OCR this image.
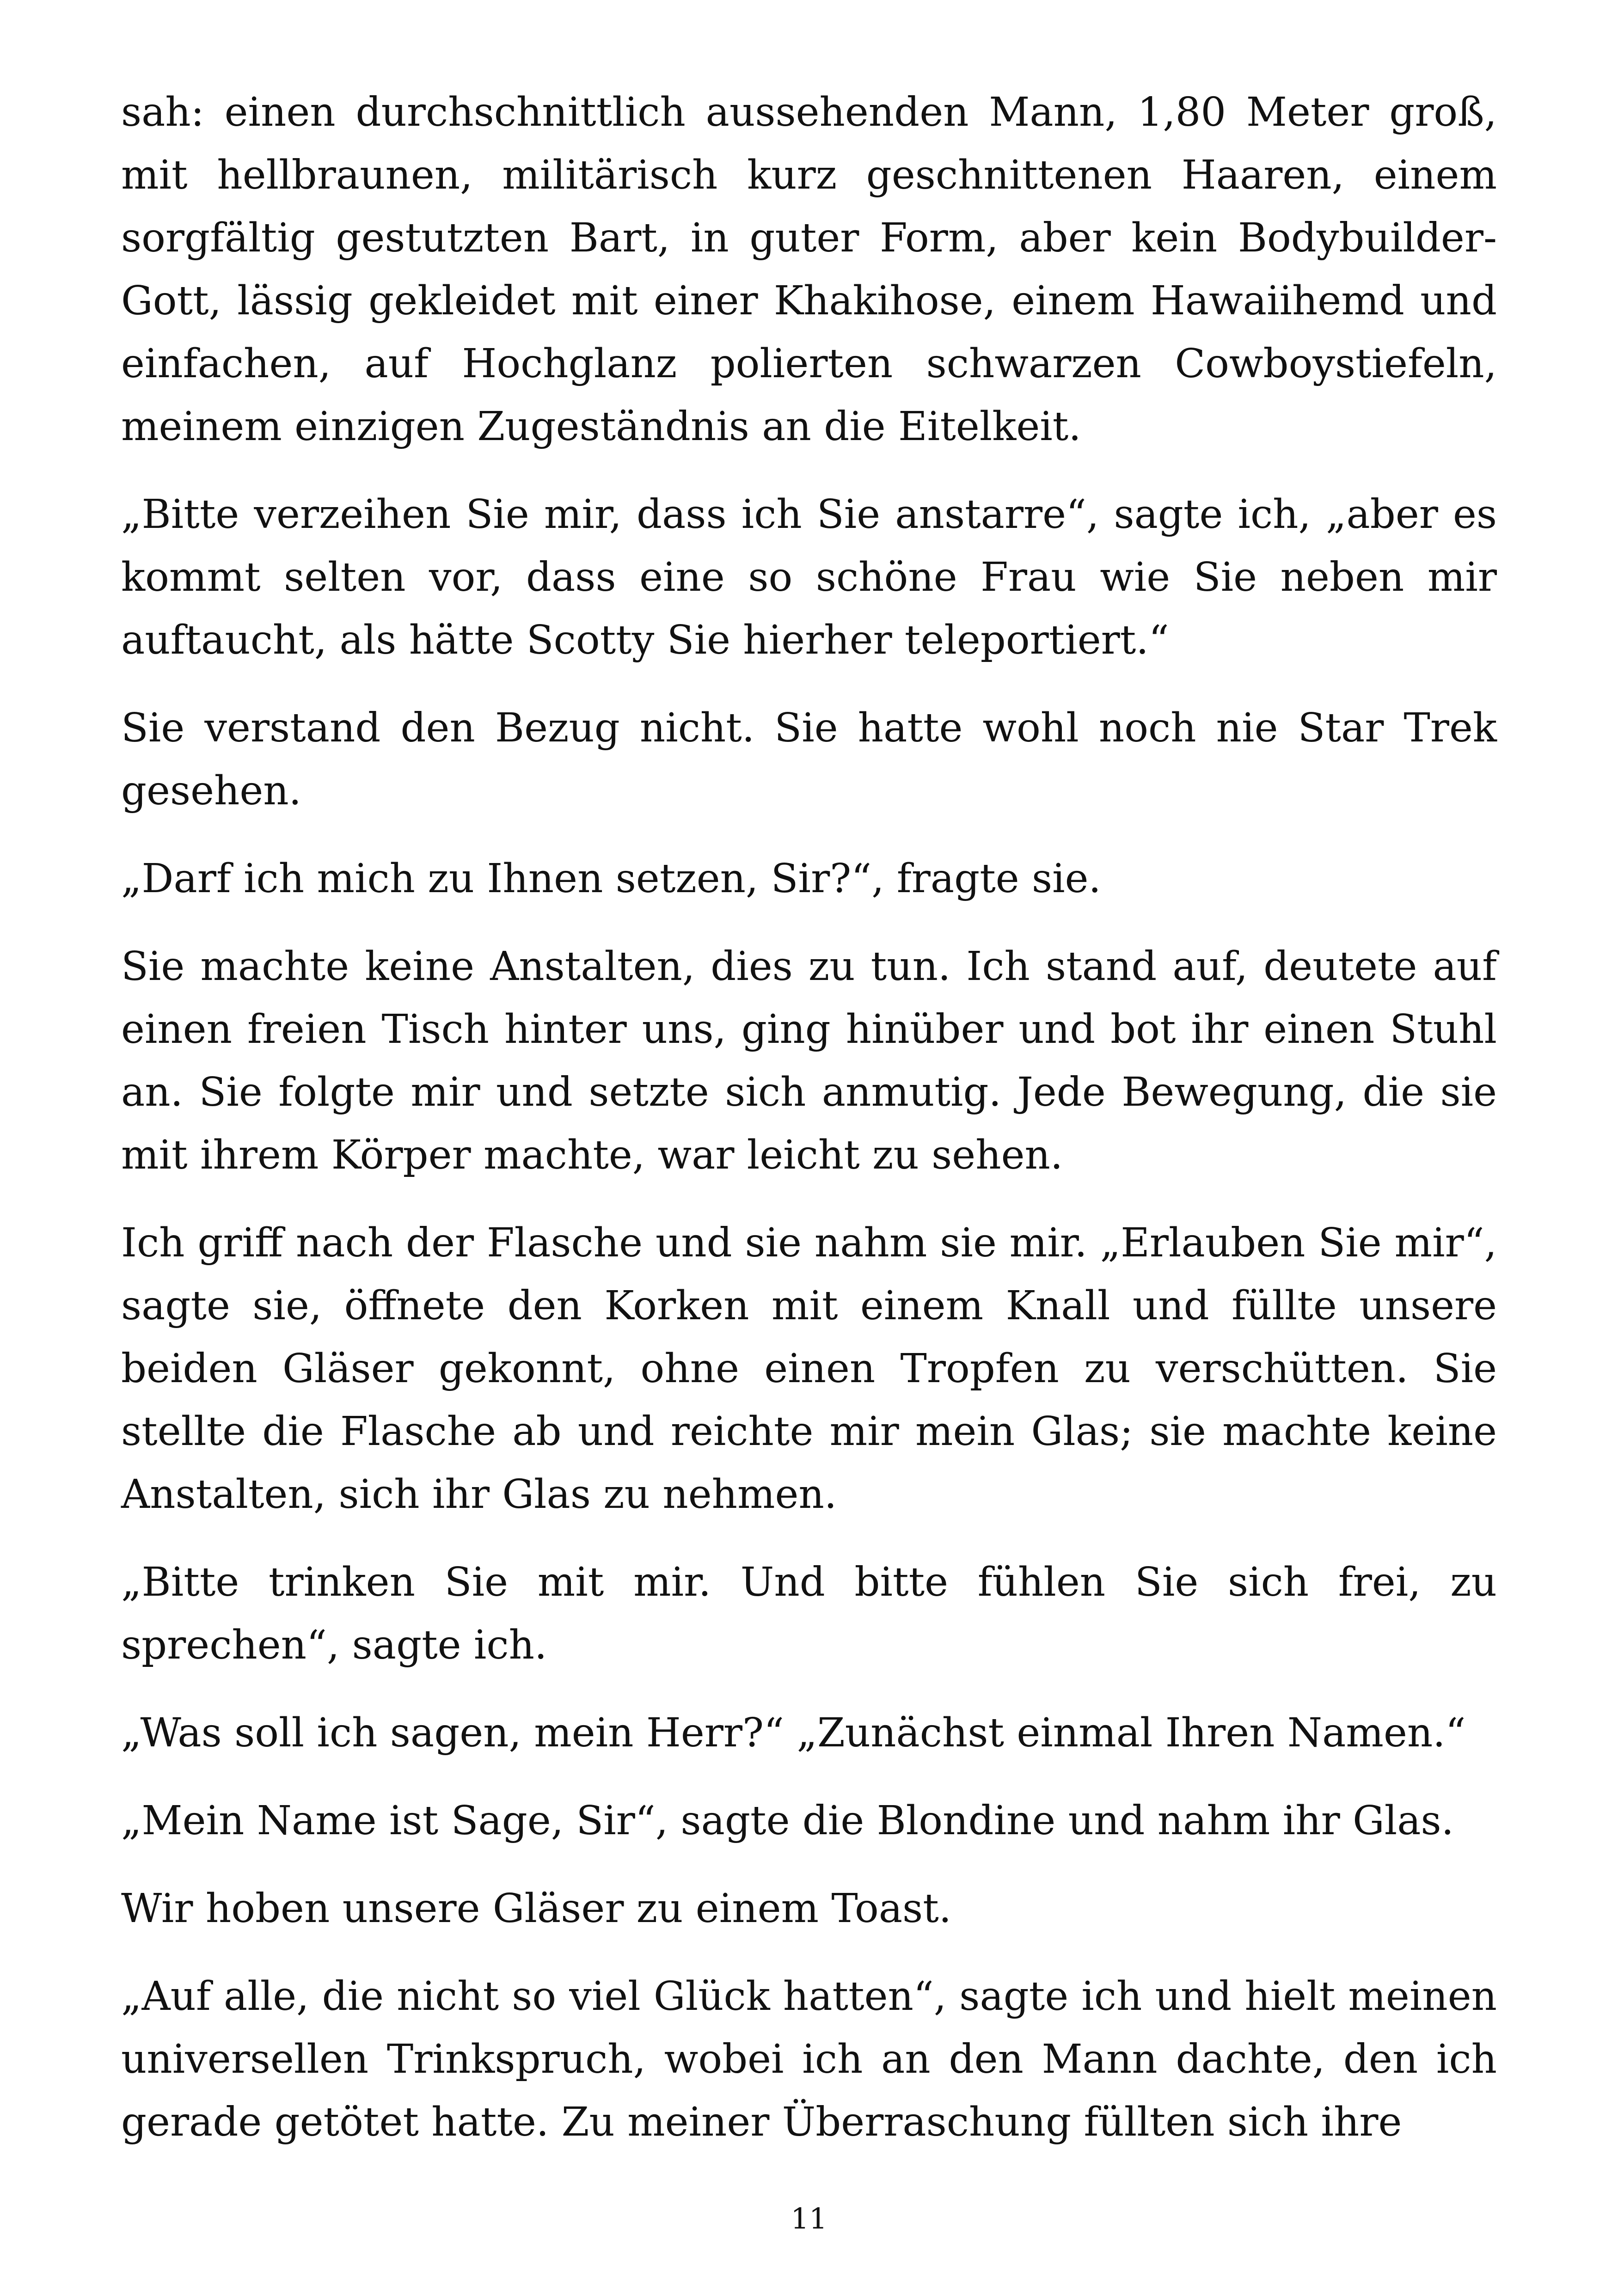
sah: einen durchschnittlich aussehenden Mann, 1,80 Meter groß, mit hellbraunen, militärisch kurz geschnittenen Haaren, einem sorgfältig gestutzten Bart, in guter Form, aber kein Bodybuilder-Gott, lässig gekleidet mit einer Khakihose, einem Hawaiihemd und einfachen, auf Hochglanz polierten schwarzen Cowboystiefeln, meinem einzigen Zugeständnis an die Eitelkeit.

„Bitte verzeihen Sie mir, dass ich Sie anstarre“, sagte ich, „aber es kommt selten vor, dass eine so schöne Frau wie Sie neben mir auftaucht, als hätte Scotty Sie hierher teleportiert.“

Sie verstand den Bezug nicht. Sie hatte wohl noch nie Star Trek gesehen.

„Darf ich mich zu Ihnen setzen, Sir?“, fragte sie.

Sie machte keine Anstalten, dies zu tun. Ich stand auf, deutete auf einen freien Tisch hinter uns, ging hinüber und bot ihr einen Stuhl an. Sie folgte mir und setzte sich anmutig. Jede Bewegung, die sie mit ihrem Körper machte, war leicht zu sehen.

Ich griff nach der Flasche und sie nahm sie mir. „Erlauben Sie mir“, sagte sie, öffnete den Korken mit einem Knall und füllte unsere beiden Gläser gekonnt, ohne einen Tropfen zu verschütten. Sie stellte die Flasche ab und reichte mir mein Glas; sie machte keine Anstalten, sich ihr Glas zu nehmen.

„Bitte trinken Sie mit mir. Und bitte fühlen Sie sich frei, zu sprechen“, sagte ich.

„Was soll ich sagen, mein Herr?“ „Zunächst einmal Ihren Namen.“

„Mein Name ist Sage, Sir“, sagte die Blondine und nahm ihr Glas.

Wir hoben unsere Gläser zu einem Toast.

„Auf alle, die nicht so viel Glück hatten“, sagte ich und hielt meinen universellen Trinkspruch, wobei ich an den Mann dachte, den ich gerade getötet hatte. Zu meiner Überraschung füllten sich ihre

11
